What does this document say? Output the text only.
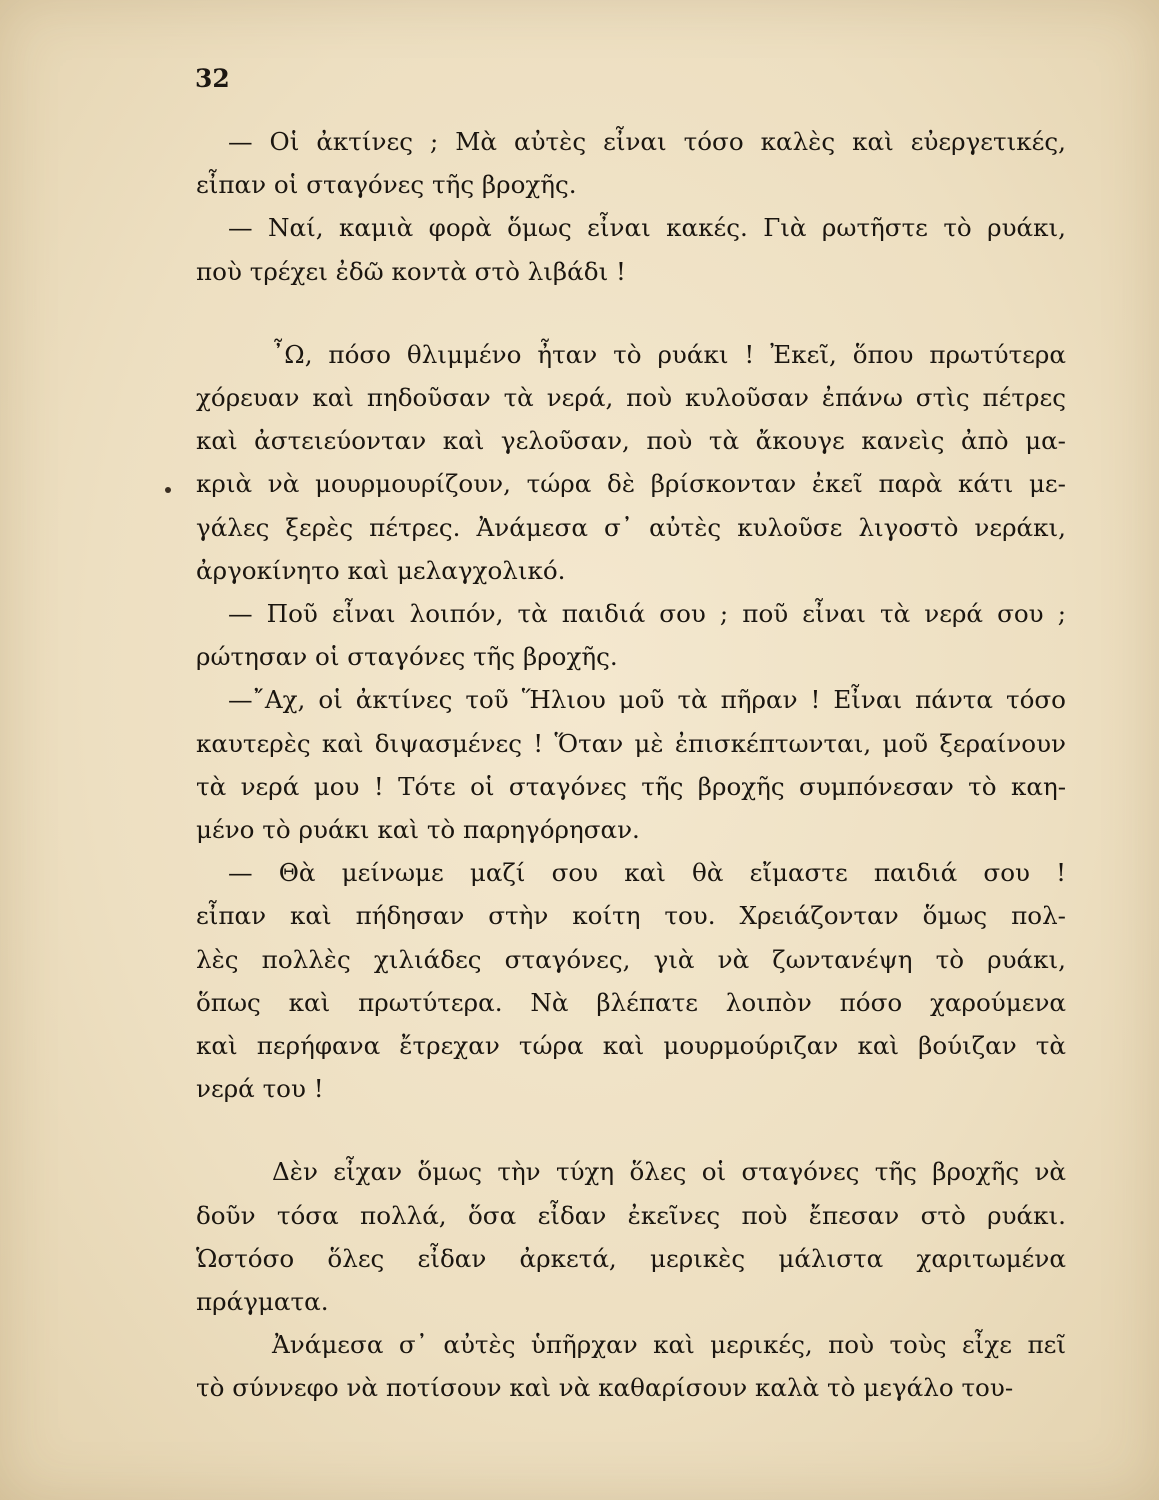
32
— Οἱ ἀκτίνες ; Μὰ αὐτὲς εἶναι τόσο καλὲς καὶ εὐεργετικές,
εἶπαν οἱ σταγόνες τῆς βροχῆς.
— Ναί, καμιὰ φορὰ ὅμως εἶναι κακές. Γιὰ ρωτῆστε τὸ ρυάκι,
ποὺ τρέχει ἐδῶ κοντὰ στὸ λιβάδι !
῏Ω, πόσο θλιμμένο ἦταν τὸ ρυάκι ! Ἐκεῖ, ὅπου πρωτύτερα
χόρευαν καὶ πηδοῦσαν τὰ νερά, ποὺ κυλοῦσαν ἐπάνω στὶς πέτρες
καὶ ἀστειεύονταν καὶ γελοῦσαν, ποὺ τὰ ἄκουγε κανεὶς ἀπὸ μα-
κριὰ νὰ μουρμουρίζουν, τώρα δὲ βρίσκονταν ἐκεῖ παρὰ κάτι με-
γάλες ξερὲς πέτρες. Ἀνάμεσα σ᾽ αὐτὲς κυλοῦσε λιγοστὸ νεράκι,
ἀργοκίνητο καὶ μελαγχολικό.
— Ποῦ εἶναι λοιπόν, τὰ παιδιά σου ; ποῦ εἶναι τὰ νερά σου ;
ρώτησαν οἱ σταγόνες τῆς βροχῆς.
—῎Αχ, οἱ ἀκτίνες τοῦ Ἥλιου μοῦ τὰ πῆραν ! Εἶναι πάντα τόσο
καυτερὲς καὶ διψασμένες ! Ὅταν μὲ ἐπισκέπτωνται, μοῦ ξεραίνουν
τὰ νερά μου ! Τότε οἱ σταγόνες τῆς βροχῆς συμπόνεσαν τὸ καη-
μένο τὸ ρυάκι καὶ τὸ παρηγόρησαν.
— Θὰ μείνωμε μαζί σου καὶ θὰ εἴμαστε παιδιά σου !
εἶπαν καὶ πήδησαν στὴν κοίτη του. Χρειάζονταν ὅμως πολ-
λὲς πολλὲς χιλιάδες σταγόνες, γιὰ νὰ ζωντανέψη τὸ ρυάκι,
ὅπως καὶ πρωτύτερα. Νὰ βλέπατε λοιπὸν πόσο χαρούμενα
καὶ περήφανα ἔτρεχαν τώρα καὶ μουρμούριζαν καὶ βούιζαν τὰ
νερά του !
Δὲν εἶχαν ὅμως τὴν τύχη ὅλες οἱ σταγόνες τῆς βροχῆς νὰ
δοῦν τόσα πολλά, ὅσα εἶδαν ἐκεῖνες ποὺ ἔπεσαν στὸ ρυάκι.
Ὡστόσο ὅλες εἶδαν ἀρκετά, μερικὲς μάλιστα χαριτωμένα
πράγματα.
Ἀνάμεσα σ᾽ αὐτὲς ὑπῆρχαν καὶ μερικές, ποὺ τοὺς εἶχε πεῖ
τὸ σύννεφο νὰ ποτίσουν καὶ νὰ καθαρίσουν καλὰ τὸ μεγάλο του-
